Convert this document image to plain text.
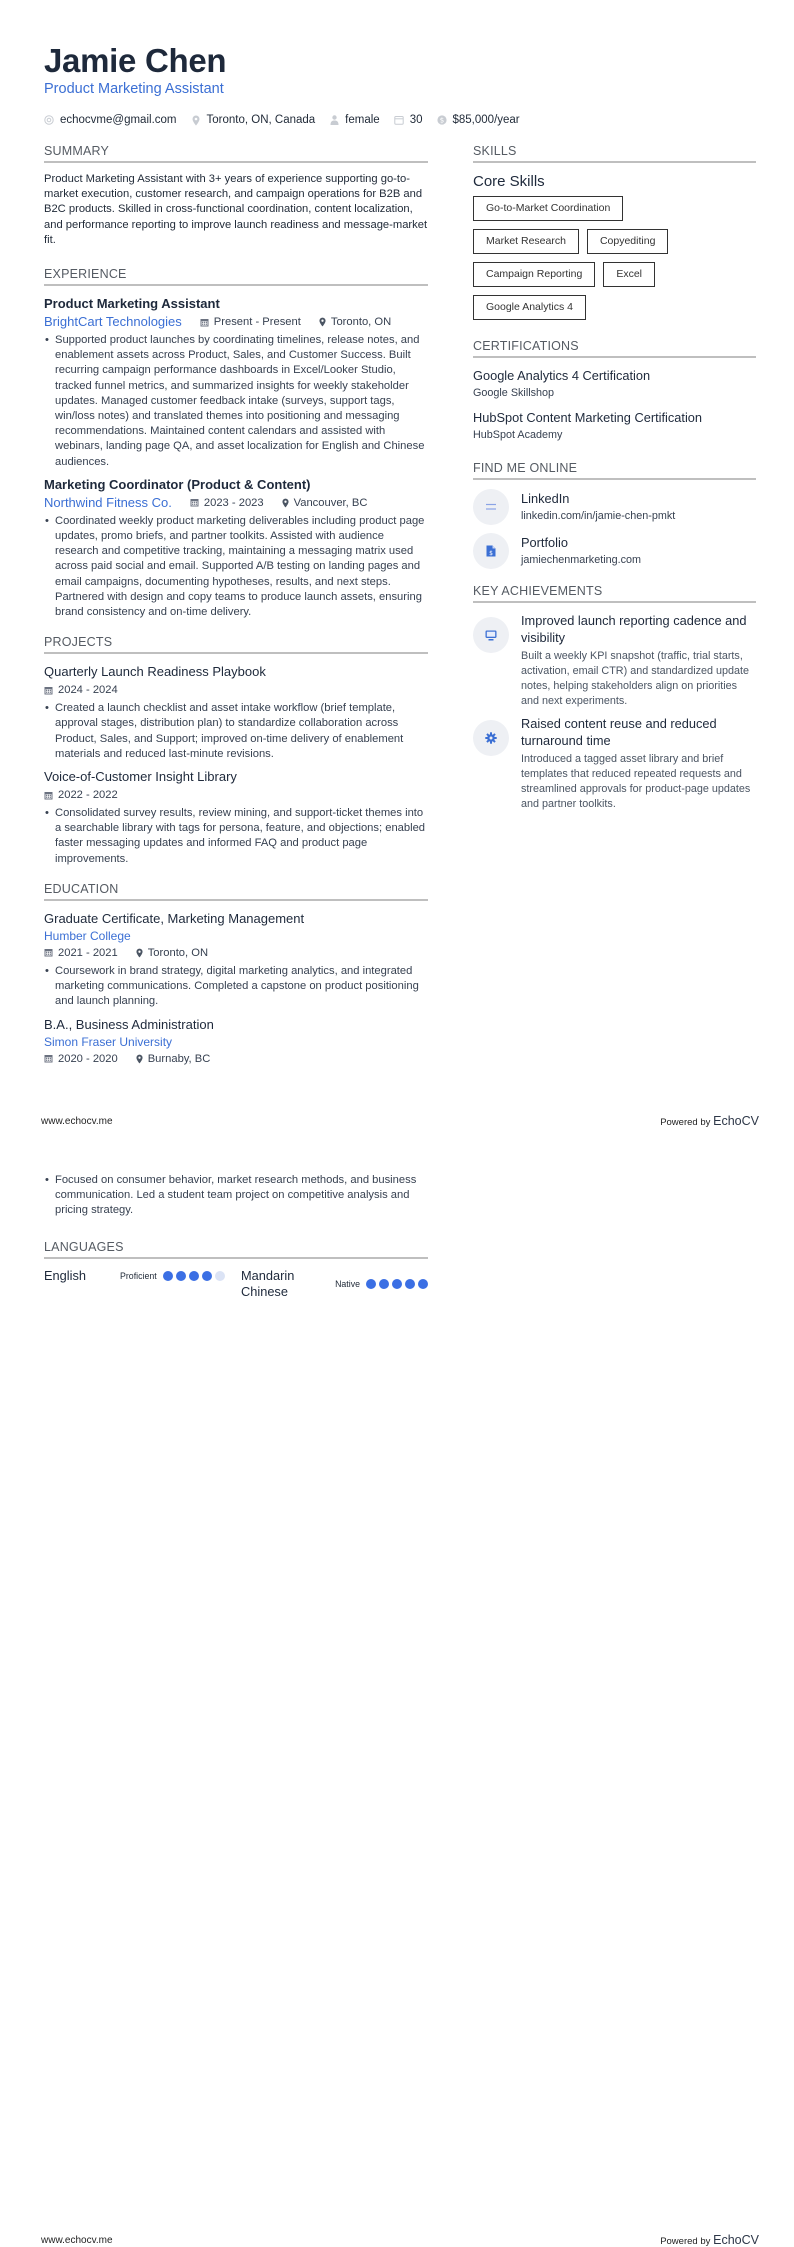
Jamie Chen
Product Marketing Assistant
echocvme@gmail.com	Toronto, ON, Canada	female	30 $ $85,000/year
SUMMARY

Product Marketing Assistant with 3+ years of experience supporting go-to-market execution, customer research, and campaign operations for B2B and B2C products. Skilled in cross-functional coordination, content localization, and performance reporting to improve launch readiness and message-market fit.

EXPERIENCE
Product Marketing Assistant
BrightCart Technologies	Present - Present	Toronto, ON
• Supported product launches by coordinating timelines, release notes, and enablement assets across Product, Sales, and Customer Success. Built recurring campaign performance dashboards in Excel/Looker Studio, tracked funnel metrics, and summarized insights for weekly stakeholder updates. Managed customer feedback intake (surveys, support tags, win/loss notes) and translated themes into positioning and messaging recommendations. Maintained content calendars and assisted with webinars, landing page QA, and asset localization for English and Chinese audiences.
Marketing Coordinator (Product & Content)
Northwind Fitness Co.	2023 - 2023	Vancouver, BC
• Coordinated weekly product marketing deliverables including product page updates, promo briefs, and partner toolkits. Assisted with audience research and competitive tracking, maintaining a messaging matrix used across paid social and email. Supported A/B testing on landing pages and email campaigns, documenting hypotheses, results, and next steps. Partnered with design and copy teams to produce launch assets, ensuring brand consistency and on-time delivery.
PROJECTS
Quarterly Launch Readiness Playbook
2024 - 2024
• Created a launch checklist and asset intake workflow (brief template, approval stages, distribution plan) to standardize collaboration across Product, Sales, and Support; improved on-time delivery of enablement materials and reduced last-minute revisions.
Voice-of-Customer Insight Library
2022 - 2022
• Consolidated survey results, review mining, and support-ticket themes into a searchable library with tags for persona, feature, and objections; enabled faster messaging updates and informed FAQ and product page improvements.
EDUCATION
Graduate Certificate, Marketing Management
Humber College
2021 - 2021	Toronto, ON
• Coursework in brand strategy, digital marketing analytics, and integrated marketing communications. Completed a capstone on product positioning and launch planning.
B.A., Business Administration
Simon Fraser University
2020 - 2020	Burnaby, BC
SKILLS
Core Skills
Go-to-Market Coordination
Market Research	Copyediting
Campaign Reporting	Excel
Google Analytics 4
CERTIFICATIONS
Google Analytics 4 Certification
Google Skillshop
HubSpot Content Marketing Certification
HubSpot Academy
FIND ME ONLINE
LinkedIn
linkedin.com/in/jamie-chen-pmkt
$
Portfolio
jamiechenmarketing.com
KEY ACHIEVEMENTS
Improved launch reporting cadence and visibility
Built a weekly KPI snapshot (traffic, trial starts, activation, email CTR) and standardized update notes, helping stakeholders align on priorities and next experiments.
Raised content reuse and reduced turnaround time
Introduced a tagged asset library and brief templates that reduced repeated requests and streamlined approvals for product-page updates and partner toolkits.
www.echocv.me	Powered by EchoCV
• Focused on consumer behavior, market research methods, and business communication. Led a student team project on competitive analysis and pricing strategy.
LANGUAGES
English	Proficient	Mandarin Chinese	Native
www.echocv.me	Powered by EchoCV
